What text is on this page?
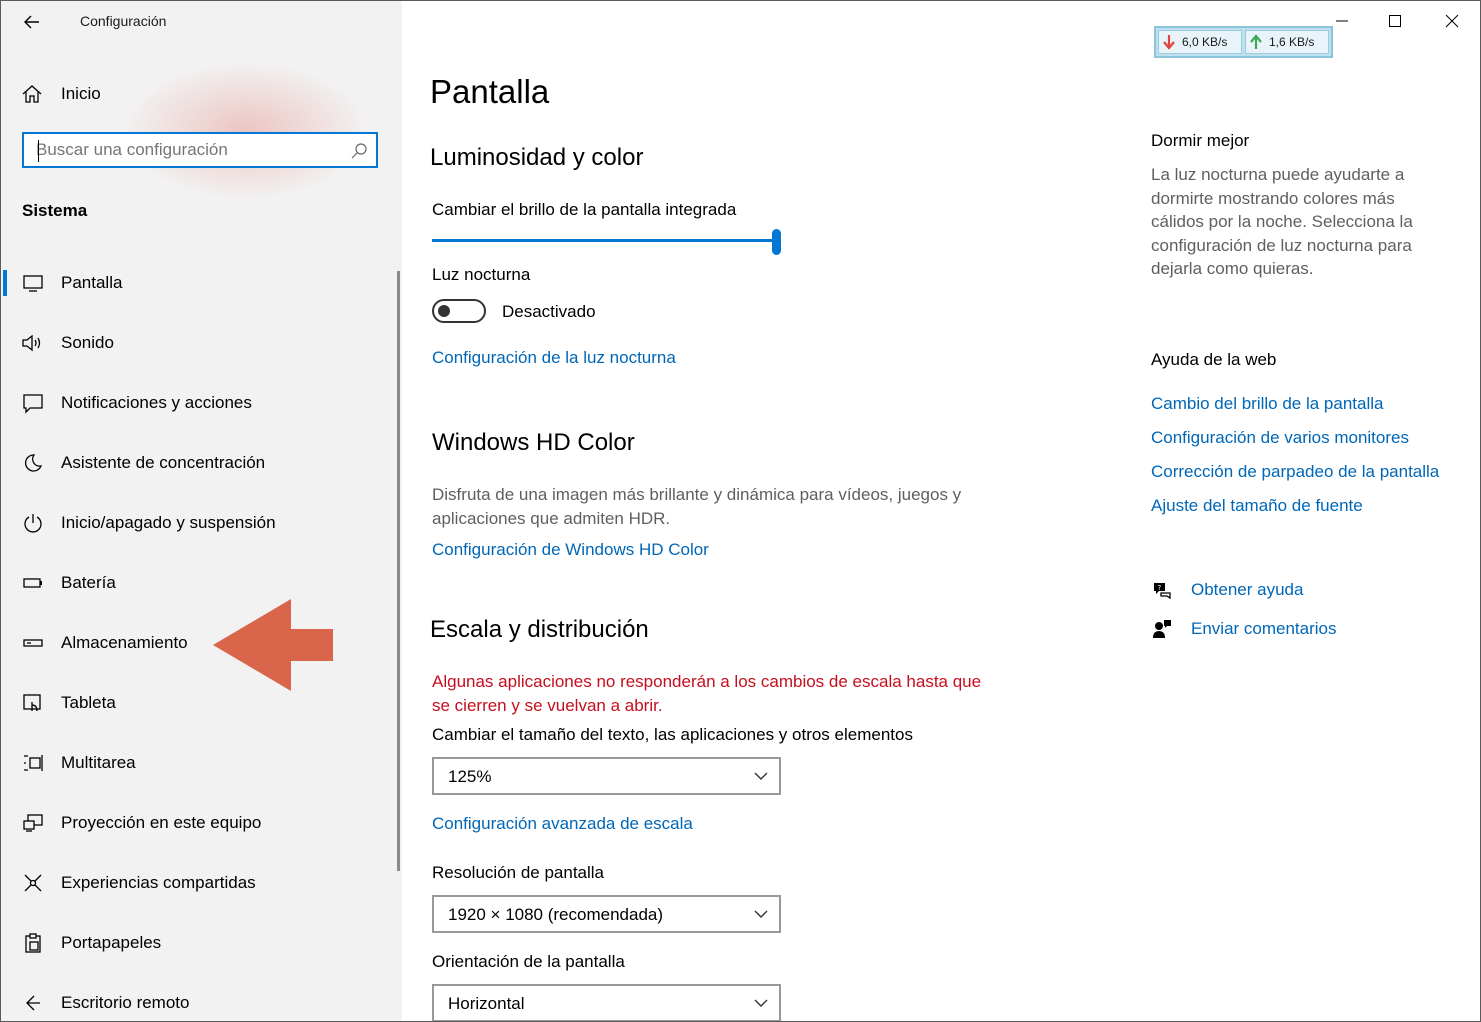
Configuración
Inicio
Buscar una configuración
Sistema
Pantalla
Sonido
Notificaciones y acciones
Asistente de concentración
Inicio/apagado y suspensión
Batería
Almacenamiento
Tableta
Multitarea
Proyección en este equipo
Experiencias compartidas
Portapapeles
Escritorio remoto
Pantalla
Luminosidad y color
Cambiar el brillo de la pantalla integrada
Luz nocturna
Desactivado
Configuración de la luz nocturna
Windows HD Color
Disfruta de una imagen más brillante y dinámica para vídeos, juegos y
aplicaciones que admiten HDR.
Configuración de Windows HD Color
Escala y distribución
Algunas aplicaciones no responderán a los cambios de escala hasta que
se cierren y se vuelvan a abrir.
Cambiar el tamaño del texto, las aplicaciones y otros elementos
125%
Configuración avanzada de escala
Resolución de pantalla
1920 × 1080 (recomendada)
Orientación de la pantalla
Horizontal
Dormir mejor
La luz nocturna puede ayudarte a dormirte mostrando colores más cálidos por la noche. Selecciona la configuración de luz nocturna para dejarla como quieras.
Ayuda de la web
Cambio del brillo de la pantalla
Configuración de varios monitores
Corrección de parpadeo de la pantalla
Ajuste del tamaño de fuente
? Obtener ayuda
Enviar comentarios
6,0 KB/s	1,6 KB/s
